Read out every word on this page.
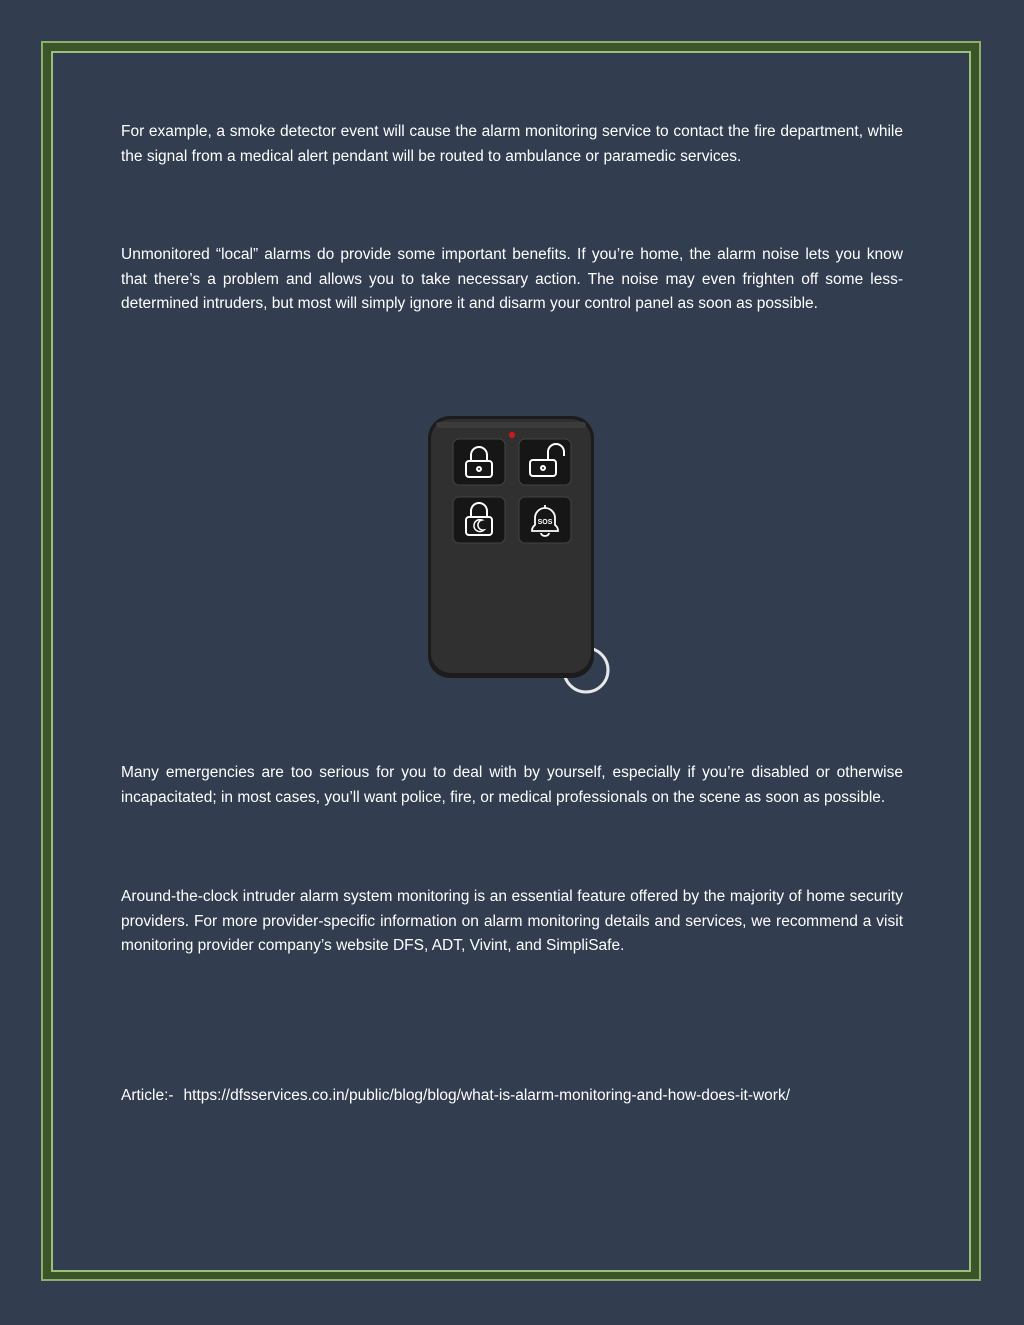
For example, a smoke detector event will cause the alarm monitoring service to contact the fire department, while the signal from a medical alert pendant will be routed to ambulance or paramedic services.

Unmonitored “local” alarms do provide some important benefits. If you’re home, the alarm noise lets you know that there’s a problem and allows you to take necessary action. The noise may even frighten off some less-determined intruders, but most will simply ignore it and disarm your control panel as soon as possible.

SOS

Many emergencies are too serious for you to deal with by yourself, especially if you’re disabled or otherwise incapacitated; in most cases, you’ll want police, fire, or medical professionals on the scene as soon as possible.

Around-the-clock intruder alarm system monitoring is an essential feature offered by the majority of home security providers. For more provider-specific information on alarm monitoring details and services, we recommend a visit monitoring provider company’s website DFS, ADT, Vivint, and SimpliSafe.

Article:- https://dfsservices.co.in/public/blog/blog/what-is-alarm-monitoring-and-how-does-it-work/
